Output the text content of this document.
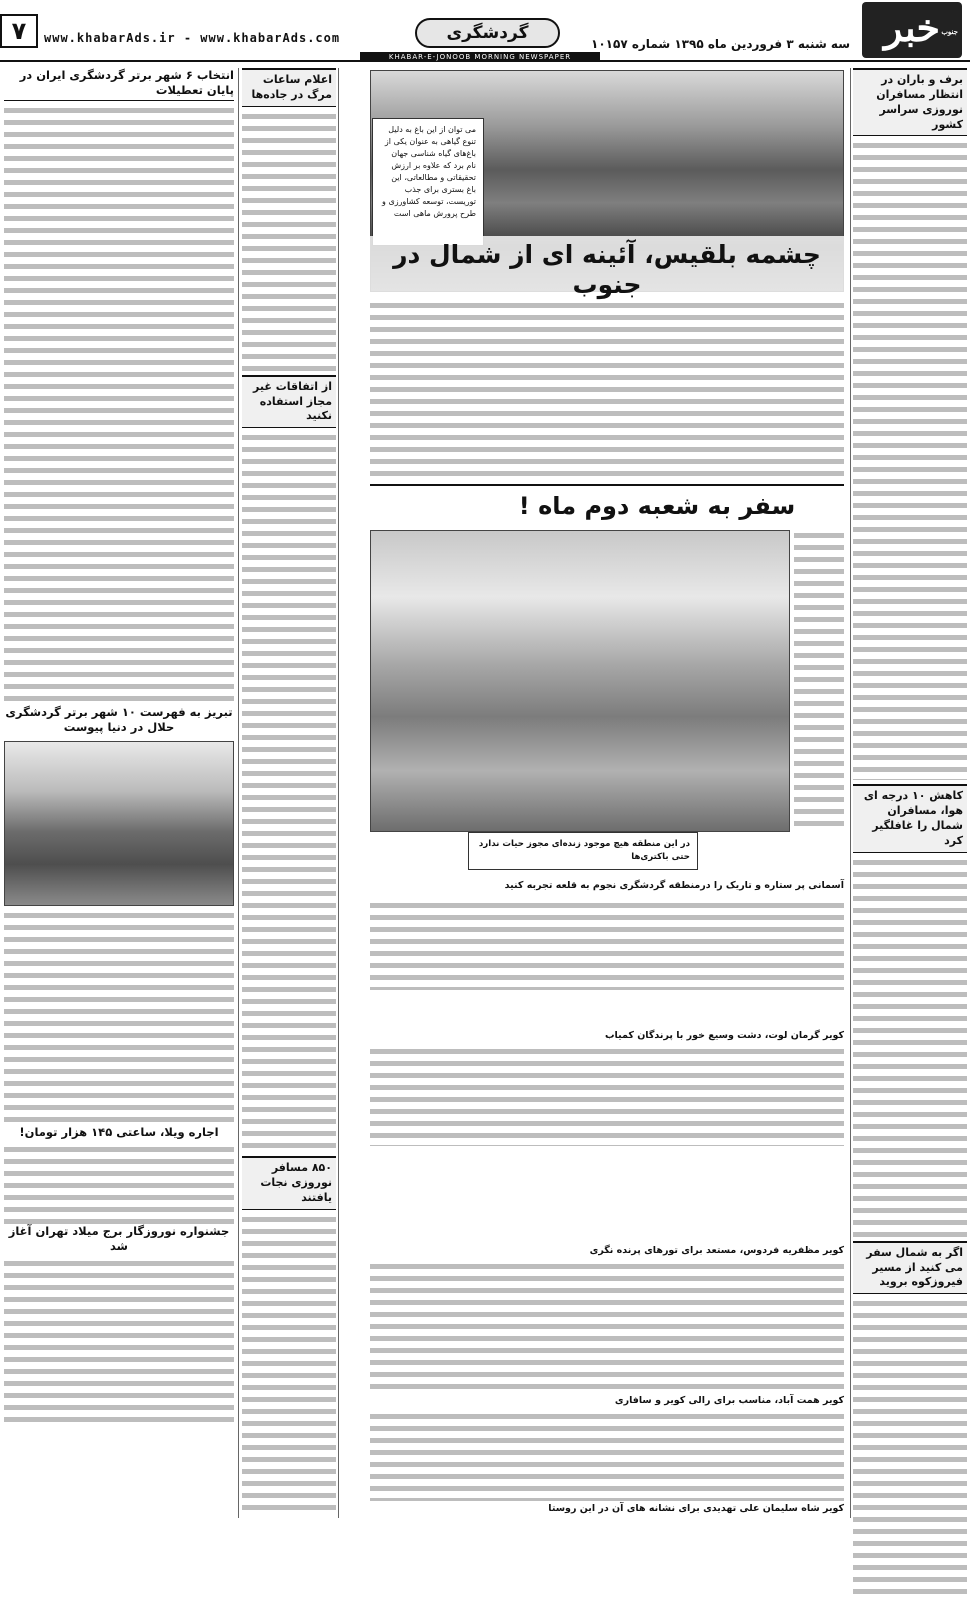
۷	www.khabarAds.ir - www.khabarAds.com	گردشگری
سه شنبه ۳ فروردین ماه ۱۳۹۵ شماره ۱۰۱۵۷ خبر جنوب
KHABAR-E-JONOOB MORNING NEWSPAPER
برف و باران در انتظار مسافران نوروزی سراسر کشور
کاهش ۱۰ درجه ای هوا، مسافران شمال را غافلگیر کرد
اگر به شمال سفر می کنید از مسیر فیروزکوه بروید
می توان از این باغ به دلیل تنوع گیاهی به عنوان یکی از باغ‌های گیاه شناسی جهان نام برد که علاوه بر ارزش تحقیقاتی و مطالعاتی، این باغ بستری برای جذب توریست، توسعه کشاورزی و طرح پرورش ماهی است
چشمه بلقیس، آئینه ای از شمال در جنوب
سفر به شعبه دوم ماه !
در این منطقه هیچ موجود زنده‌ای مجوز حیات ندارد حتی باکتری‌ها
آسمانی پر ستاره و تاریک را درمنطقه گردشگری نجوم به قلعه تجربه کنید
کویر گرمان لوت، دشت وسیع خور با پرندگان کمیاب
کویر مظفریه فردوس، مستعد برای تورهای پرنده نگری
کویر همت آباد، مناسب برای رالی کویر و سافاری
کویر شاه سلیمان علی تهدیدی برای نشانه های آن در این روستا
اعلام ساعات مرگ در جاده‌ها
از اتفاقات غیر مجاز استفاده نکنید
۸۵۰ مسافر نوروزی نجات یافتند
انتخاب ۶ شهر برتر گردشگری ایران در پایان تعطیلات
تبریز به فهرست ۱۰ شهر برتر گردشگری حلال در دنیا پیوست
اجاره ویلا، ساعتی ۱۴۵ هزار تومان!
جشنواره نوروزگار برج میلاد تهران آغاز شد
